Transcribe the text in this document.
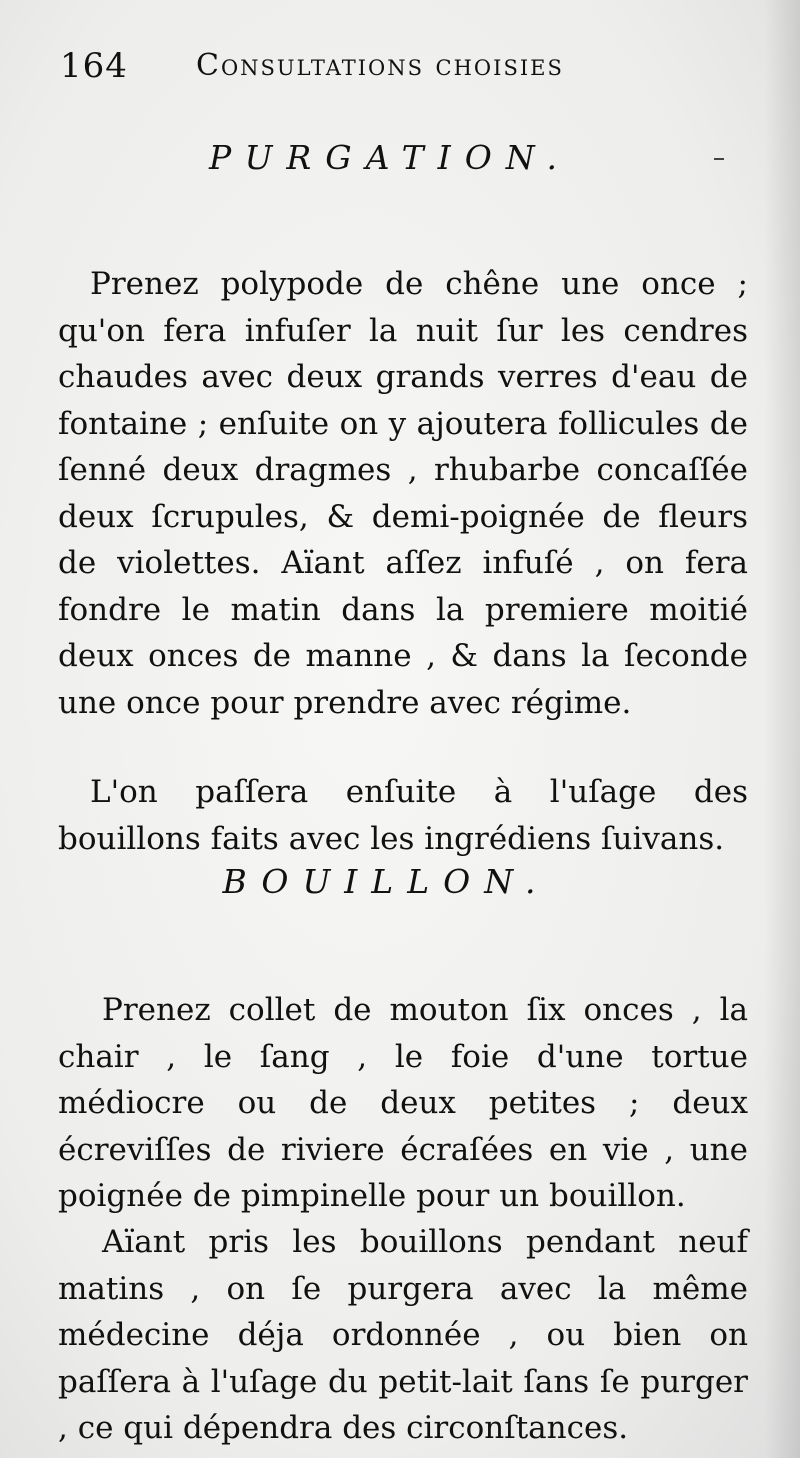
164 Consultations choisies
PURGATION.

Prenez polypode de chêne une once ; qu'on fera infuſer la nuit ſur les cendres chaudes avec deux grands verres d'eau de fontaine ; enſuite on y ajoutera follicules de ſenné deux dragmes , rhubarbe concaſſée deux ſcrupules, & demi-poignée de fleurs de violettes. Aïant aſſez infuſé , on fera fondre le matin dans la premiere moitié deux onces de manne , & dans la ſeconde une once pour prendre avec régime.

L'on paſſera enſuite à l'uſage des bouillons faits avec les ingrédiens ſuivans.

BOUILLON.

Prenez collet de mouton ſix onces , la chair , le ſang , le foie d'une tortue médiocre ou de deux petites ; deux écreviſſes de riviere écraſées en vie , une poignée de pimpinelle pour un bouillon.

Aïant pris les bouillons pendant neuf matins , on ſe purgera avec la même médecine déja ordonnée , ou bien on paſſera à l'uſage du petit-lait ſans ſe purger , ce qui dépendra des circonſtances.
